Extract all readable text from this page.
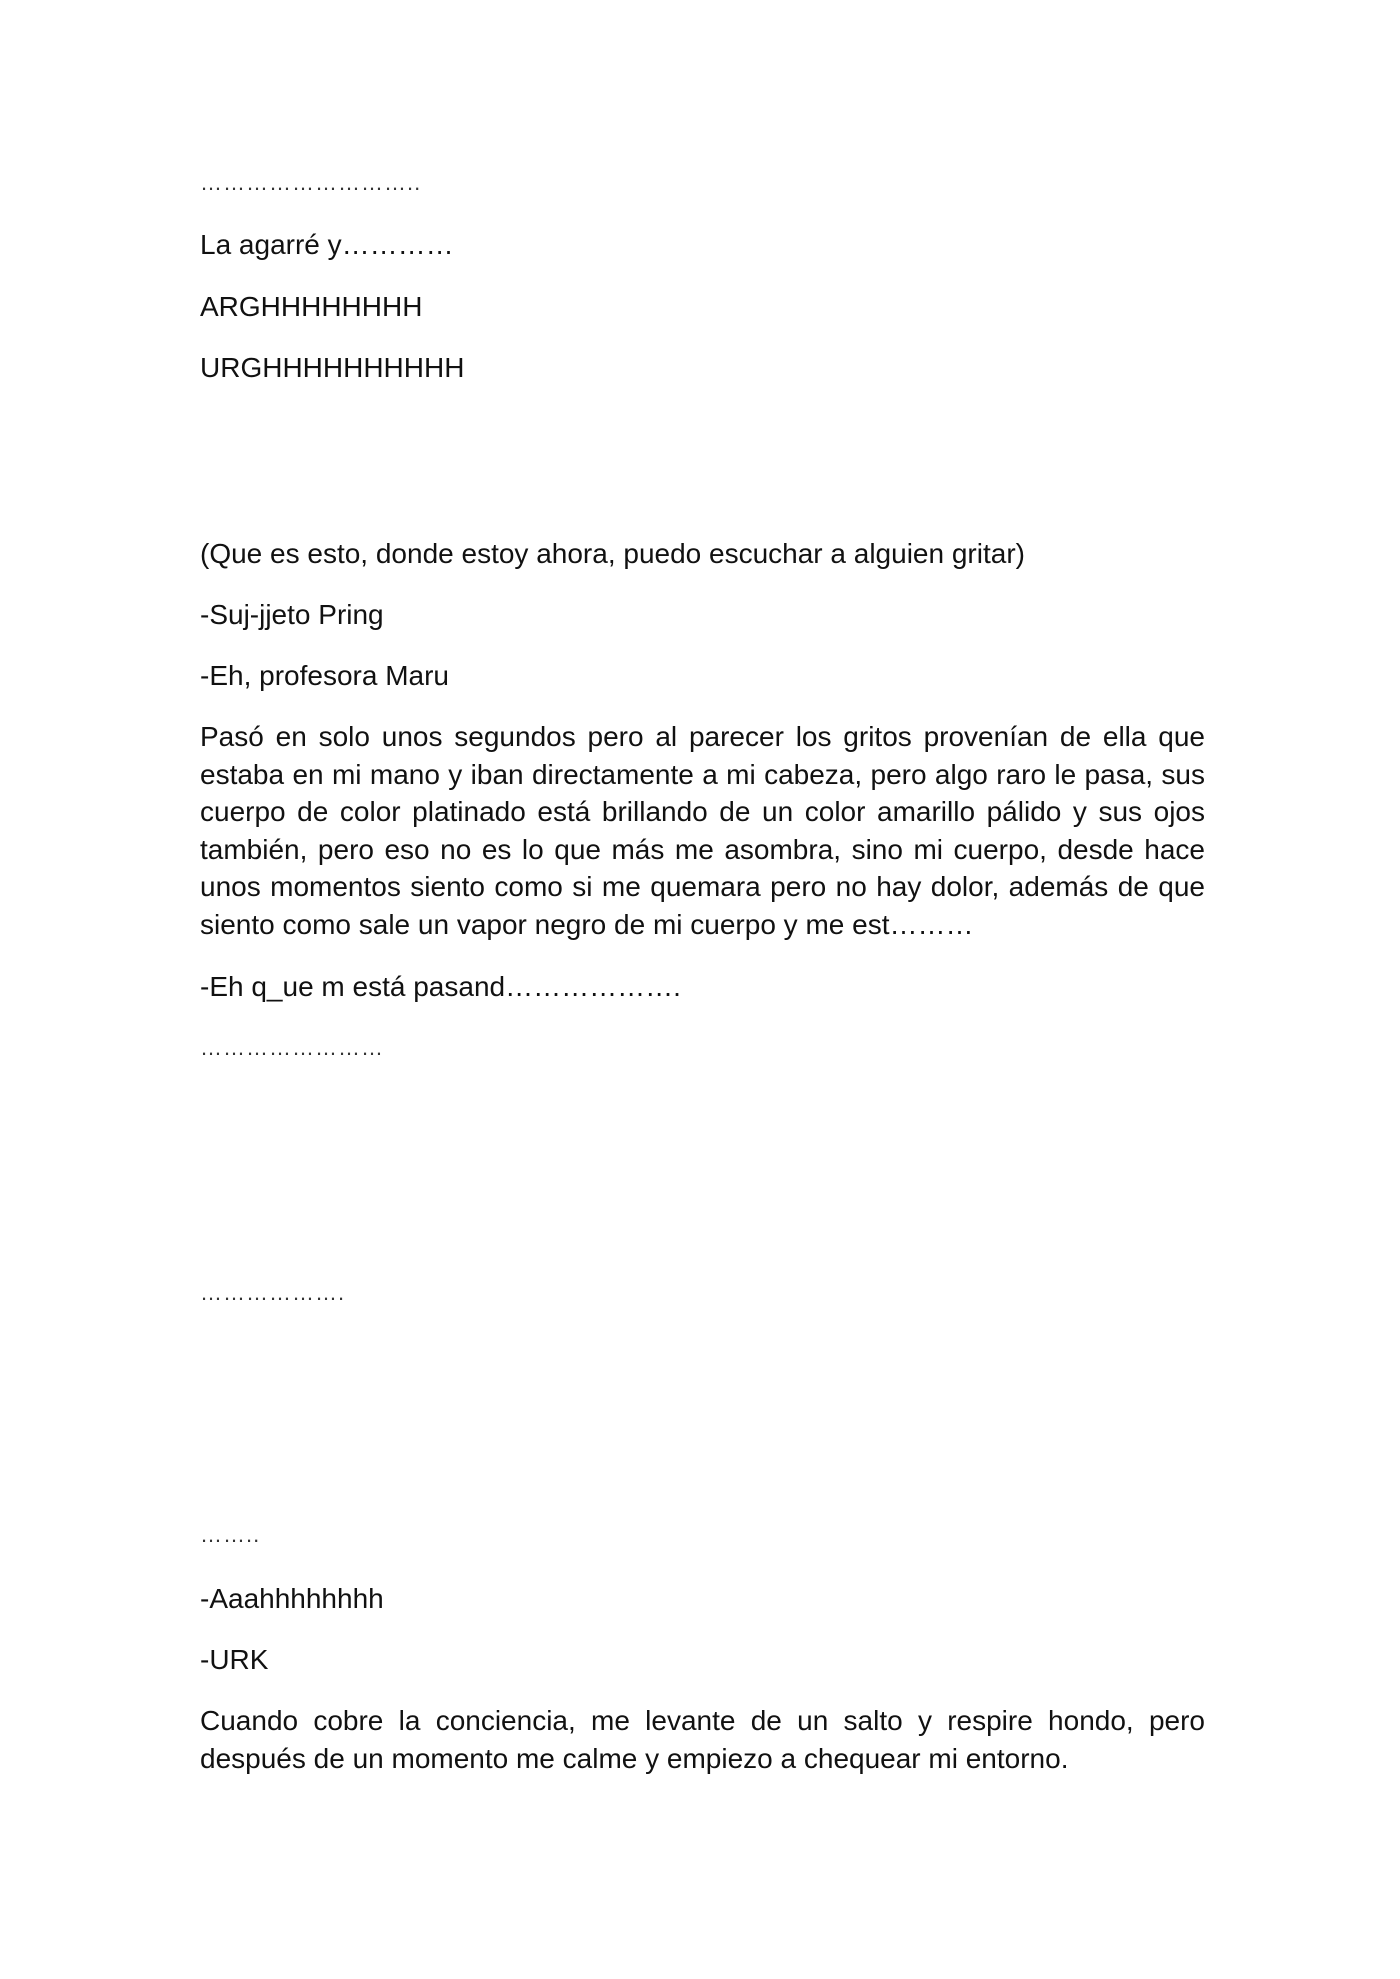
………………………..

La agarré y…………

ARGHHHHHHHH

URGHHHHHHHHHH

(Que es esto, donde estoy ahora, puedo escuchar a alguien gritar)

-Suj-jjeto Pring

-Eh, profesora Maru

Pasó en solo unos segundos pero al parecer los gritos provenían de ella que estaba en mi mano y iban directamente a mi cabeza, pero algo raro le pasa, sus cuerpo de color platinado está brillando de un color amarillo pálido y sus ojos también, pero eso no es lo que más me asombra, sino mi cuerpo, desde hace unos momentos siento como si me quemara pero no hay dolor, además de que siento como sale un vapor negro de mi cuerpo y me est………

-Eh q_ue m está pasand……………….

……………………

……………….

……..

-Aaahhhhhhhh

-URK

Cuando cobre la conciencia, me levante de un salto y respire hondo, pero después de un momento me calme y empiezo a chequear mi entorno.
